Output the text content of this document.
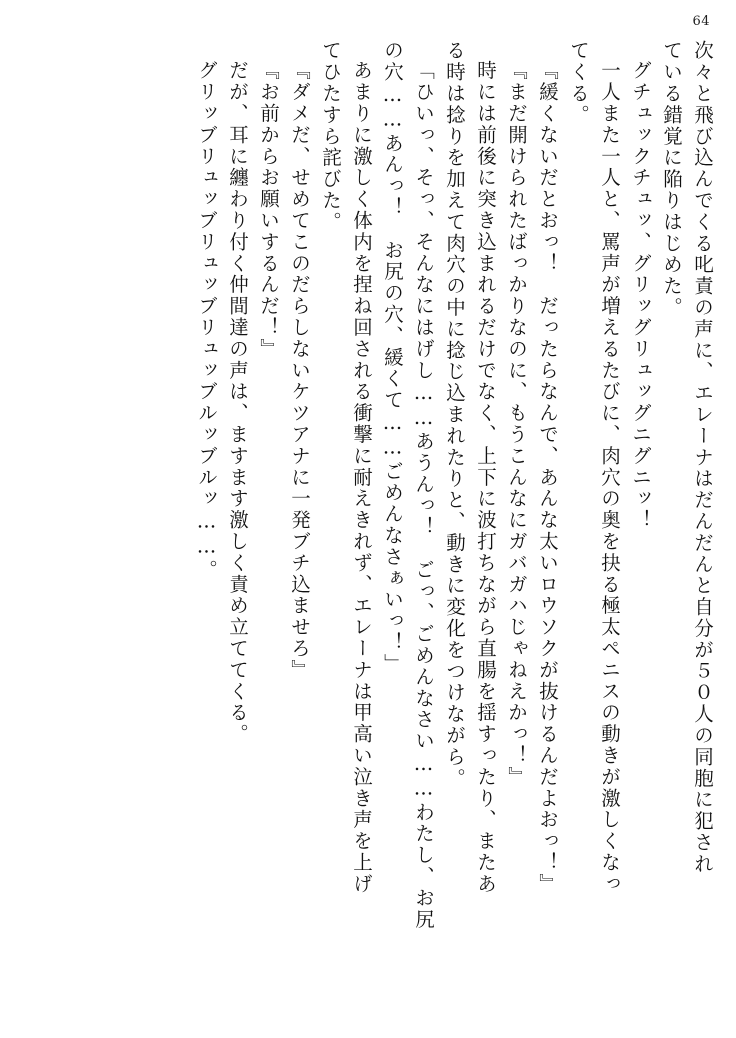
64
次々と飛び込んでくる叱責の声に、エレーナはだんだんと自分が５０人の同胞に犯され
ている錯覚に陥りはじめた。
グチュックチュッ、グリッグリュッグニグニッ！
一人また一人と、罵声が増えるたびに、肉穴の奥を抉る極太ペニスの動きが激しくなっ
てくる。
『緩くないだとおっ！　だったらなんで、あんな太いロウソクが抜けるんだよおっ！』
『まだ開けられたばっかりなのに、もうこんなにガバガハじゃねえかっ！』
時には前後に突き込まれるだけでなく、上下に波打ちながら直腸を揺すったり、またあ
る時は捻りを加えて肉穴の中に捻じ込まれたりと、動きに変化をつけながら。
「ひいっ、そっ、そんなにはげし……あうんっ！　ごっ、ごめんなさい……わたし、お尻
の穴……あんっ！　お尻の穴、緩くて……ごめんなさぁいっ！」
あまりに激しく体内を捏ね回される衝撃に耐えきれず、エレーナは甲高い泣き声を上げ
てひたすら詫びた。
『ダメだ、せめてこのだらしないケツアナに一発ブチ込ませろ』
『お前からお願いするんだ！』
だが、耳に纏わり付く仲間達の声は、ますます激しく責め立ててくる。
グリッブリュッブリュッブリュッブルッブルッ……。
